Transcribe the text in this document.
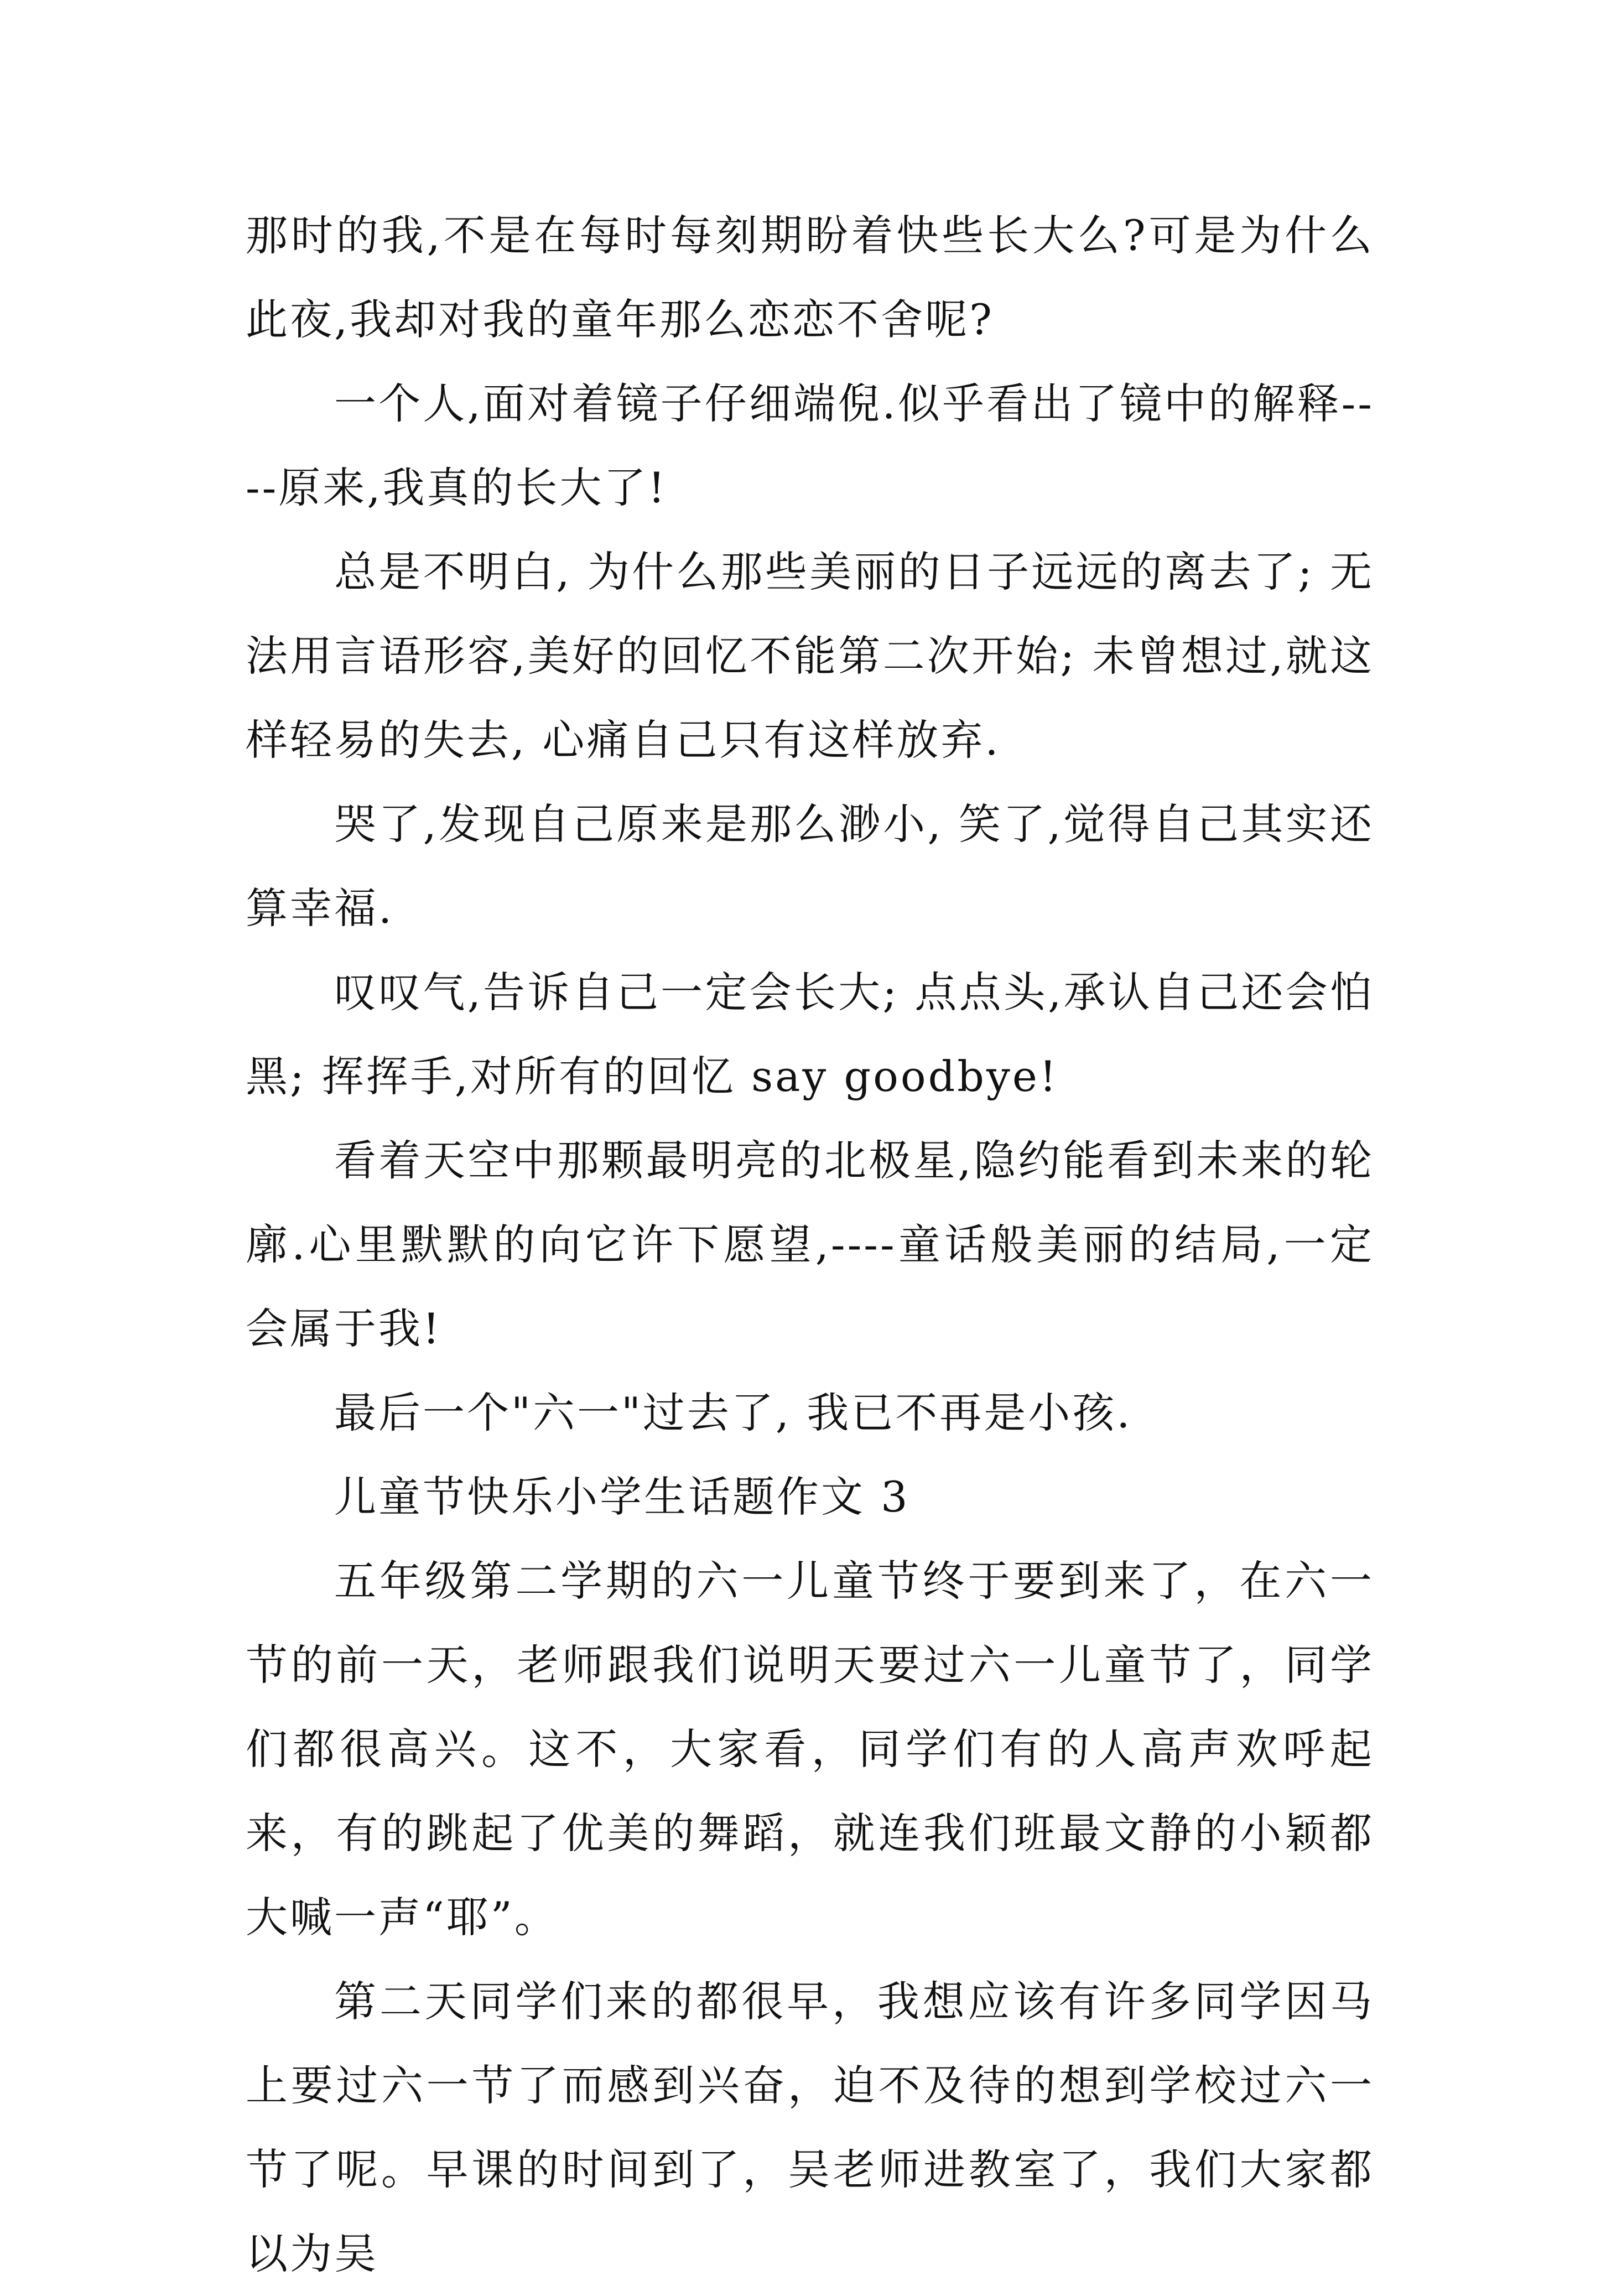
那时的我,不是在每时每刻期盼着快些长大么?可是为什么此夜,我却对我的童年那么恋恋不舍呢?

一个人,面对着镜子仔细端倪.似乎看出了镜中的解释----原来,我真的长大了!

总是不明白, 为什么那些美丽的日子远远的离去了; 无法用言语形容,美好的回忆不能第二次开始; 未曾想过,就这样轻易的失去, 心痛自己只有这样放弃.

哭了,发现自己原来是那么渺小, 笑了,觉得自己其实还算幸福.

叹叹气,告诉自己一定会长大; 点点头,承认自己还会怕黑; 挥挥手,对所有的回忆 say goodbye!

看着天空中那颗最明亮的北极星,隐约能看到未来的轮廓.心里默默的向它许下愿望,----童话般美丽的结局,一定会属于我!

最后一个"六一"过去了, 我已不再是小孩.

儿童节快乐小学生话题作文 3

五年级第二学期的六一儿童节终于要到来了，在六一节的前一天，老师跟我们说明天要过六一儿童节了，同学们都很高兴。这不，大家看，同学们有的人高声欢呼起来，有的跳起了优美的舞蹈，就连我们班最文静的小颖都大喊一声“耶”。

第二天同学们来的都很早，我想应该有许多同学因马上要过六一节了而感到兴奋，迫不及待的想到学校过六一节了呢。早课的时间到了，吴老师进教室了，我们大家都以为吴
